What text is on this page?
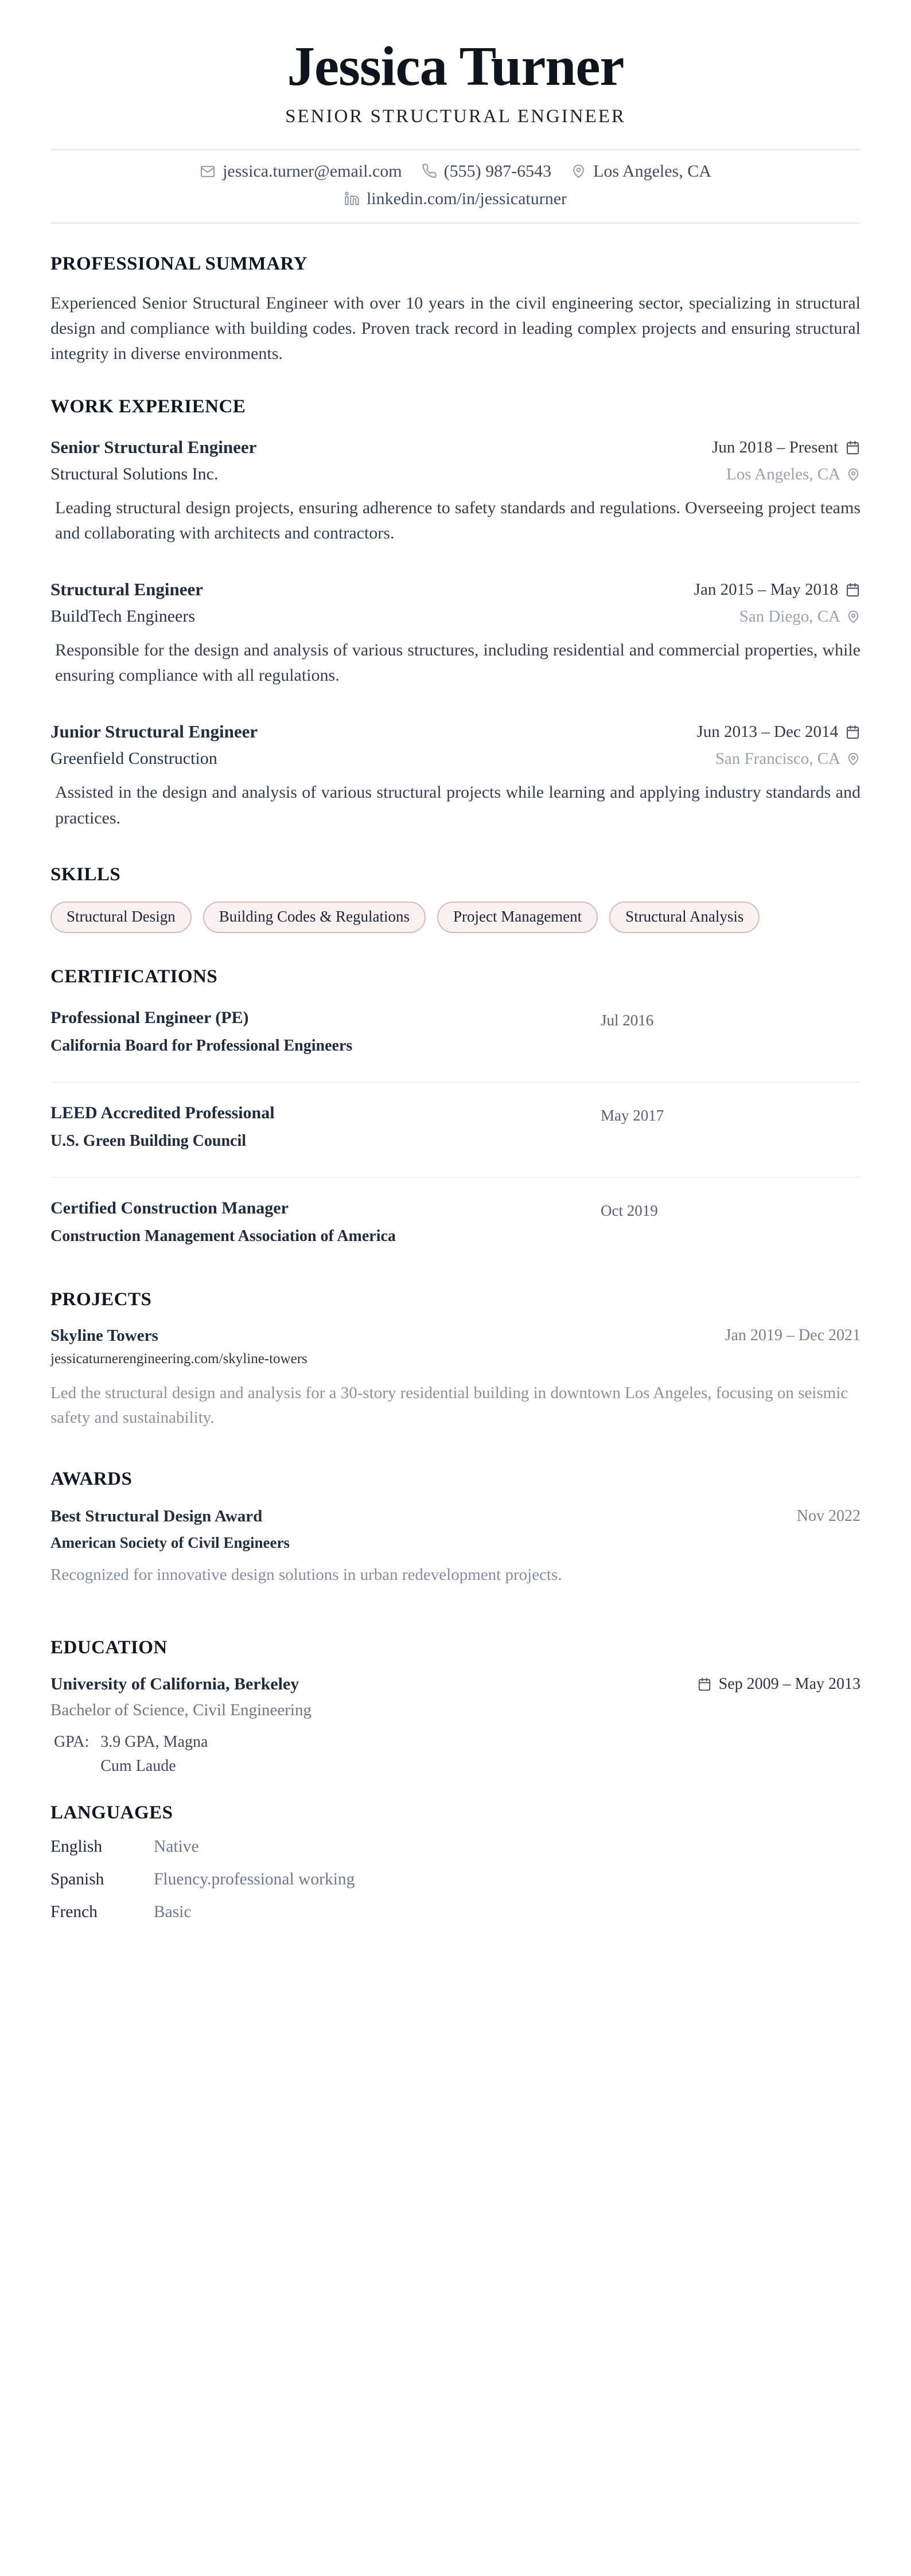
Jessica Turner
SENIOR STRUCTURAL ENGINEER
jessica.turner@email.com (555) 987-6543 Los Angeles, CA
linkedin.com/in/jessicaturner
PROFESSIONAL SUMMARY

Experienced Senior Structural Engineer with over 10 years in the civil engineering sector, specializing in structural design and compliance with building codes. Proven track record in leading complex projects and ensuring structural integrity in diverse environments.

WORK EXPERIENCE
Senior Structural Engineer	Jun 2018 – Present
Structural Solutions Inc.	Los Angeles, CA

Leading structural design projects, ensuring adherence to safety standards and regulations. Overseeing project teams and collaborating with architects and contractors.

Structural Engineer	Jan 2015 – May 2018
BuildTech Engineers	San Diego, CA

Responsible for the design and analysis of various structures, including residential and commercial properties, while ensuring compliance with all regulations.

Junior Structural Engineer	Jun 2013 – Dec 2014
Greenfield Construction	San Francisco, CA

Assisted in the design and analysis of various structural projects while learning and applying industry standards and practices.

SKILLS
Structural Design	Building Codes & Regulations	Project Management	Structural Analysis
CERTIFICATIONS
Professional Engineer (PE)
California Board for Professional Engineers
Jul 2016
LEED Accredited Professional
U.S. Green Building Council
May 2017
Certified Construction Manager
Construction Management Association of America
Oct 2019
PROJECTS
Skyline Towers	Jan 2019 – Dec 2021
jessicaturnerengineering.com/skyline-towers

Led the structural design and analysis for a 30-story residential building in downtown Los Angeles, focusing on seismic safety and sustainability.

AWARDS
Best Structural Design Award	Nov 2022
American Society of Civil Engineers

Recognized for innovative design solutions in urban redevelopment projects.

EDUCATION
University of California, Berkeley	Sep 2009 – May 2013
Bachelor of Science, Civil Engineering
GPA: 3.9 GPA, Magna Cum Laude
LANGUAGES
English	Native
Spanish	Fluency.professional working
French	Basic
